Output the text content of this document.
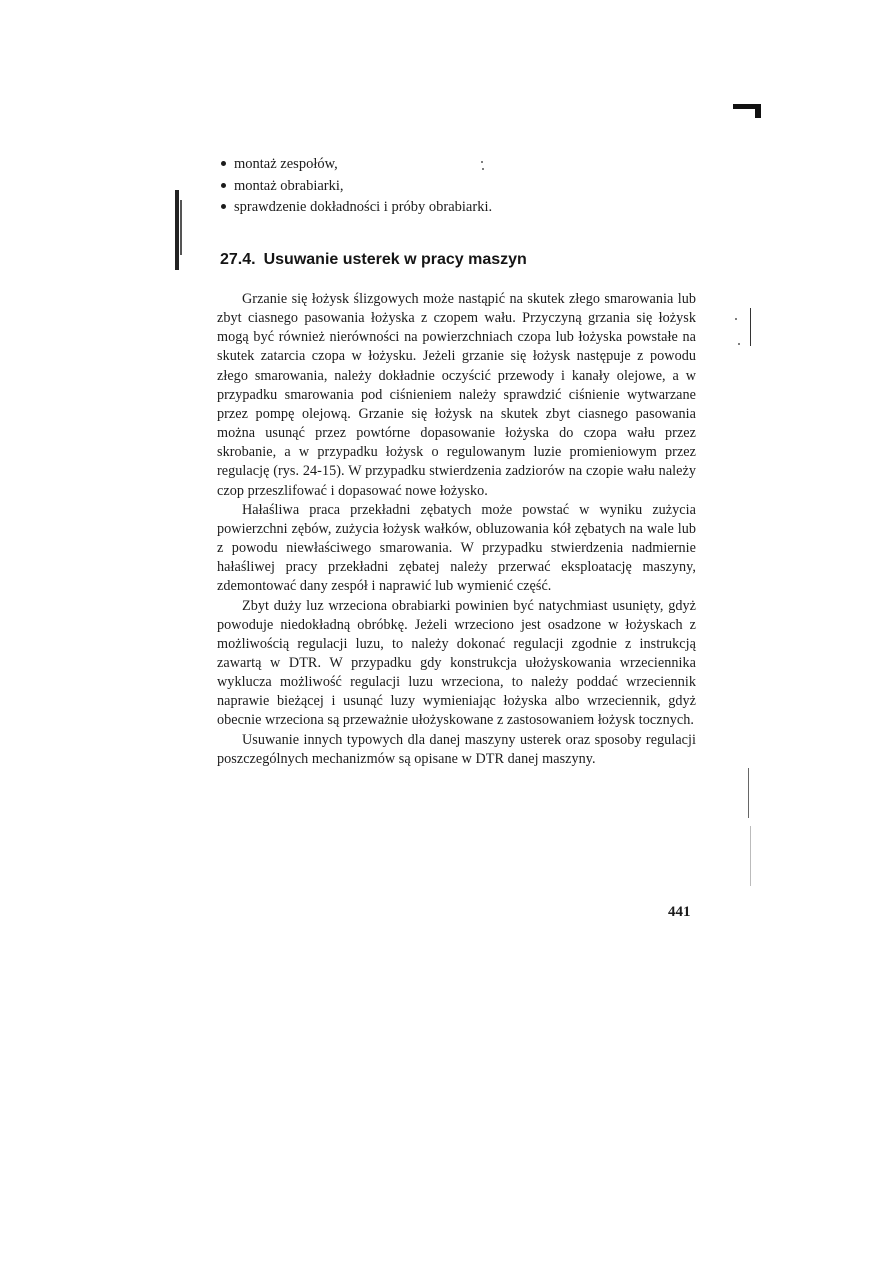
montaż zespołów,
montaż obrabiarki,
sprawdzenie dokładności i próby obrabiarki.
27.4. Usuwanie usterek w pracy maszyn

Grzanie się łożysk ślizgowych może nastąpić na skutek złego smarowania lub zbyt ciasnego pasowania łożyska z czopem wału. Przyczyną grzania się łożysk mogą być również nierówności na powierzchniach czopa lub łożyska powstałe na skutek zatarcia czopa w łożysku. Jeżeli grzanie się łożysk następuje z powodu złego smarowania, należy dokładnie oczyścić przewody i kanały olejowe, a w przypadku smarowania pod ciśnieniem należy sprawdzić ciśnienie wytwarzane przez pompę olejową. Grzanie się łożysk na skutek zbyt ciasnego pasowania można usunąć przez powtórne dopasowanie łożyska do czopa wału przez skrobanie, a w przypadku łożysk o regulowanym luzie promieniowym przez regulację (rys. 24-15). W przypadku stwierdzenia zadziorów na czopie wału należy czop przeszlifować i dopasować nowe łożysko.

Hałaśliwa praca przekładni zębatych może powstać w wyniku zużycia powierzchni zębów, zużycia łożysk wałków, obluzowania kół zębatych na wale lub z powodu niewłaściwego smarowania. W przypadku stwierdzenia nadmiernie hałaśliwej pracy przekładni zębatej należy przerwać eksploatację maszyny, zdemontować dany zespół i naprawić lub wymienić część.

Zbyt duży luz wrzeciona obrabiarki powinien być natychmiast usunięty, gdyż powoduje niedokładną obróbkę. Jeżeli wrzeciono jest osadzone w łożyskach z możliwością regulacji luzu, to należy dokonać regulacji zgodnie z instrukcją zawartą w DTR. W przypadku gdy konstrukcja ułożyskowania wrzeciennika wyklucza możliwość regulacji luzu wrzeciona, to należy poddać wrzeciennik naprawie bieżącej i usunąć luzy wymieniając łożyska albo wrzeciennik, gdyż obecnie wrzeciona są przeważnie ułożyskowane z zastosowaniem łożysk tocznych.

Usuwanie innych typowych dla danej maszyny usterek oraz sposoby regulacji poszczególnych mechanizmów są opisane w DTR danej maszyny.

441
